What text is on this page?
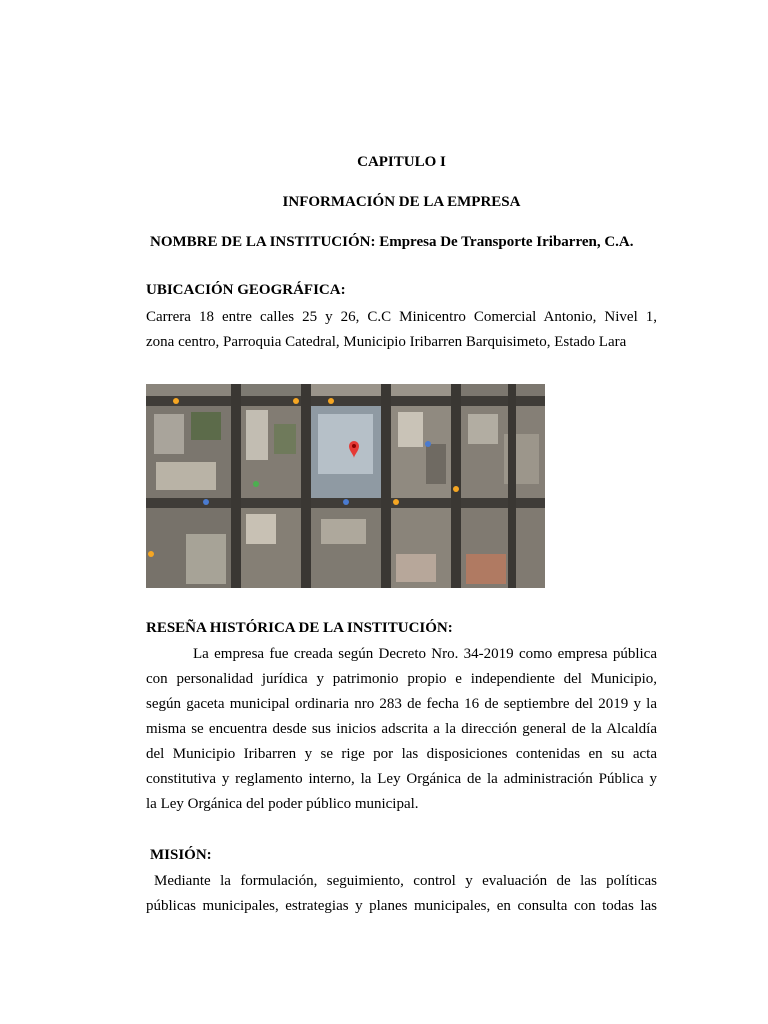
CAPITULO I
INFORMACIÓN DE LA EMPRESA
NOMBRE DE LA INSTITUCIÓN: Empresa De Transporte Iribarren, C.A.
UBICACIÓN GEOGRÁFICA:
Carrera 18 entre calles 25 y 26, C.C Minicentro Comercial Antonio, Nivel 1,
zona centro, Parroquia Catedral, Municipio Iribarren Barquisimeto, Estado Lara
RESEÑA HISTÓRICA DE LA INSTITUCIÓN:
La empresa fue creada según Decreto Nro. 34-2019 como empresa pública
con personalidad jurídica y patrimonio propio e independiente del Municipio,
según gaceta municipal ordinaria nro 283 de fecha 16 de septiembre del 2019 y la
misma se encuentra desde sus inicios adscrita a la dirección general de la Alcaldía
del Municipio Iribarren y se rige por las disposiciones contenidas en su acta
constitutiva y reglamento interno, la Ley Orgánica de la administración Pública y
la Ley Orgánica del poder público municipal.
MISIÓN:
Mediante la formulación, seguimiento, control y evaluación de las políticas
públicas municipales, estrategias y planes municipales, en consulta con todas las
